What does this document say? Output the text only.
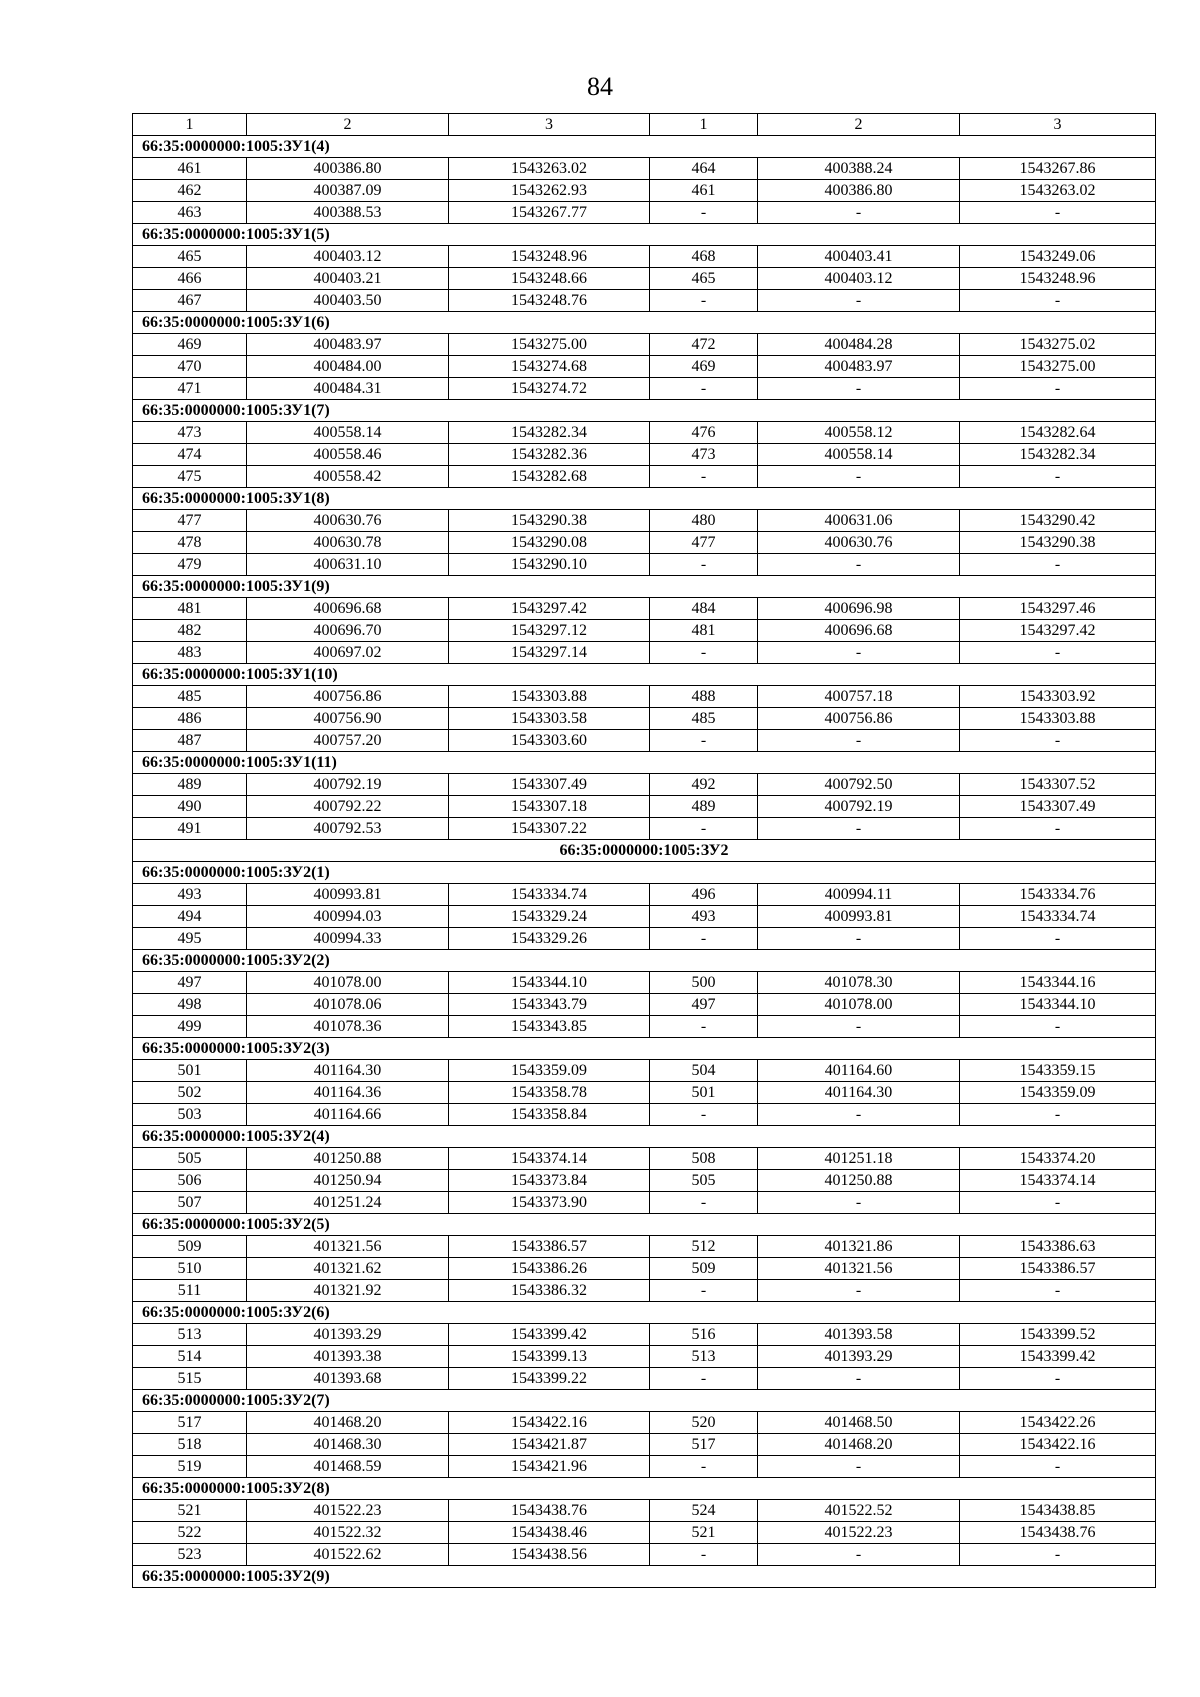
84
1	2	3	1	2	3
66:35:0000000:1005:ЗУ1(4)					
461	400386.80	1543263.02	464	400388.24	1543267.86
462	400387.09	1543262.93	461	400386.80	1543263.02
463	400388.53	1543267.77	-	-	-
66:35:0000000:1005:ЗУ1(5)					
465	400403.12	1543248.96	468	400403.41	1543249.06
466	400403.21	1543248.66	465	400403.12	1543248.96
467	400403.50	1543248.76	-	-	-
66:35:0000000:1005:ЗУ1(6)					
469	400483.97	1543275.00	472	400484.28	1543275.02
470	400484.00	1543274.68	469	400483.97	1543275.00
471	400484.31	1543274.72	-	-	-
66:35:0000000:1005:ЗУ1(7)					
473	400558.14	1543282.34	476	400558.12	1543282.64
474	400558.46	1543282.36	473	400558.14	1543282.34
475	400558.42	1543282.68	-	-	-
66:35:0000000:1005:ЗУ1(8)					
477	400630.76	1543290.38	480	400631.06	1543290.42
478	400630.78	1543290.08	477	400630.76	1543290.38
479	400631.10	1543290.10	-	-	-
66:35:0000000:1005:ЗУ1(9)					
481	400696.68	1543297.42	484	400696.98	1543297.46
482	400696.70	1543297.12	481	400696.68	1543297.42
483	400697.02	1543297.14	-	-	-
66:35:0000000:1005:ЗУ1(10)					
485	400756.86	1543303.88	488	400757.18	1543303.92
486	400756.90	1543303.58	485	400756.86	1543303.88
487	400757.20	1543303.60	-	-	-
66:35:0000000:1005:ЗУ1(11)					
489	400792.19	1543307.49	492	400792.50	1543307.52
490	400792.22	1543307.18	489	400792.19	1543307.49
491	400792.53	1543307.22	-	-	-
66:35:0000000:1005:ЗУ2					
66:35:0000000:1005:ЗУ2(1)					
493	400993.81	1543334.74	496	400994.11	1543334.76
494	400994.03	1543329.24	493	400993.81	1543334.74
495	400994.33	1543329.26	-	-	-
66:35:0000000:1005:ЗУ2(2)					
497	401078.00	1543344.10	500	401078.30	1543344.16
498	401078.06	1543343.79	497	401078.00	1543344.10
499	401078.36	1543343.85	-	-	-
66:35:0000000:1005:ЗУ2(3)					
501	401164.30	1543359.09	504	401164.60	1543359.15
502	401164.36	1543358.78	501	401164.30	1543359.09
503	401164.66	1543358.84	-	-	-
66:35:0000000:1005:ЗУ2(4)					
505	401250.88	1543374.14	508	401251.18	1543374.20
506	401250.94	1543373.84	505	401250.88	1543374.14
507	401251.24	1543373.90	-	-	-
66:35:0000000:1005:ЗУ2(5)					
509	401321.56	1543386.57	512	401321.86	1543386.63
510	401321.62	1543386.26	509	401321.56	1543386.57
511	401321.92	1543386.32	-	-	-
66:35:0000000:1005:ЗУ2(6)					
513	401393.29	1543399.42	516	401393.58	1543399.52
514	401393.38	1543399.13	513	401393.29	1543399.42
515	401393.68	1543399.22	-	-	-
66:35:0000000:1005:ЗУ2(7)					
517	401468.20	1543422.16	520	401468.50	1543422.26
518	401468.30	1543421.87	517	401468.20	1543422.16
519	401468.59	1543421.96	-	-	-
66:35:0000000:1005:ЗУ2(8)					
521	401522.23	1543438.76	524	401522.52	1543438.85
522	401522.32	1543438.46	521	401522.23	1543438.76
523	401522.62	1543438.56	-	-	-
66:35:0000000:1005:ЗУ2(9)					
